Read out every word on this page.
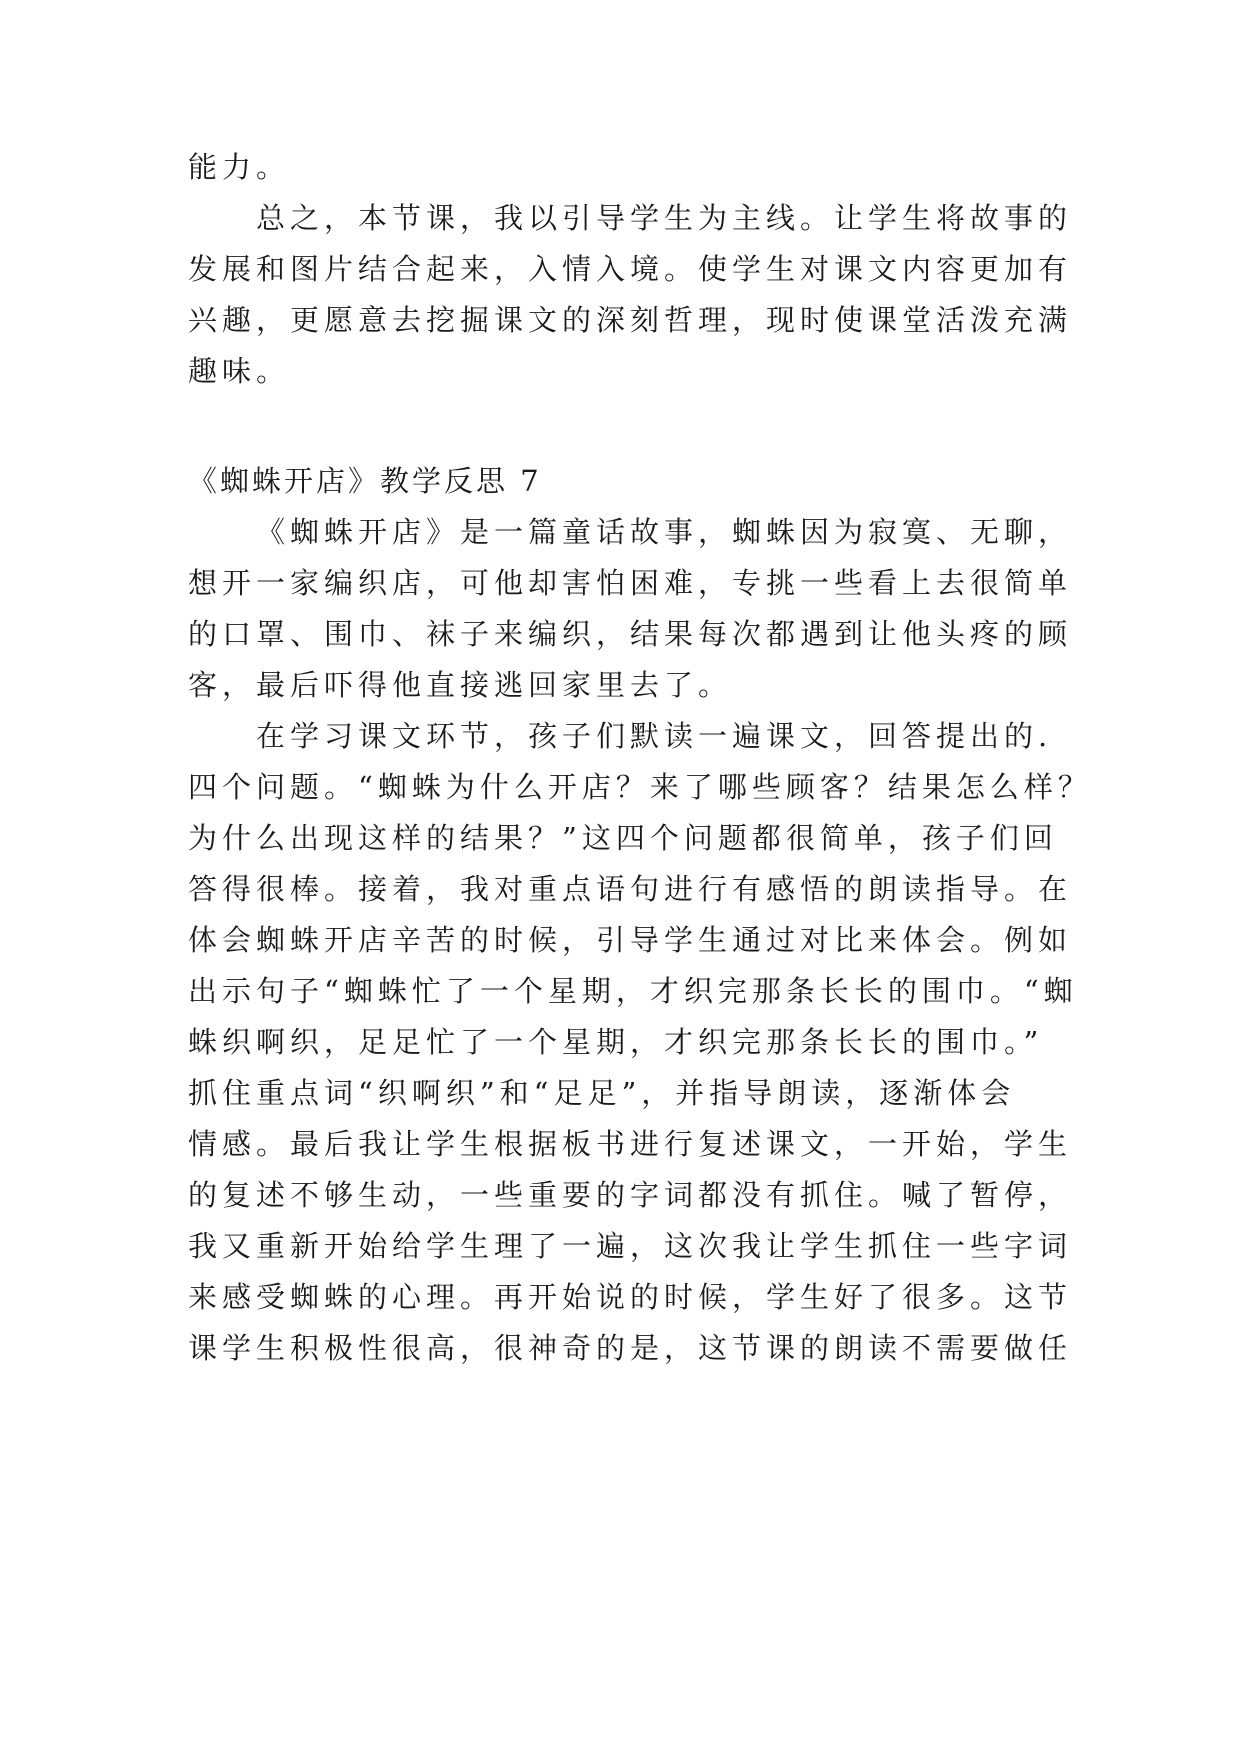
能力。

总之，本节课，我以引导学生为主线。让学生将故事的

发展和图片结合起来，入情入境。使学生对课文内容更加有

兴趣，更愿意去挖掘课文的深刻哲理，现时使课堂活泼充满

趣味。

《蜘蛛开店》教学反思 7

《蜘蛛开店》是一篇童话故事，蜘蛛因为寂寞、无聊，

想开一家编织店，可他却害怕困难，专挑一些看上去很简单

的口罩、围巾、袜子来编织，结果每次都遇到让他头疼的顾

客，最后吓得他直接逃回家里去了。

在学习课文环节，孩子们默读一遍课文，回答提出的.

四个问题。“蜘蛛为什么开店？来了哪些顾客？结果怎么样？

为什么出现这样的结果？”这四个问题都很简单，孩子们回

答得很棒。接着，我对重点语句进行有感悟的朗读指导。在

体会蜘蛛开店辛苦的时候，引导学生通过对比来体会。例如

出示句子“蜘蛛忙了一个星期，才织完那条长长的围巾。“蜘

蛛织啊织，足足忙了一个星期，才织完那条长长的围巾。”

抓住重点词“织啊织”和“足足”，并指导朗读，逐渐体会

情感。最后我让学生根据板书进行复述课文，一开始，学生

的复述不够生动，一些重要的字词都没有抓住。喊了暂停，

我又重新开始给学生理了一遍，这次我让学生抓住一些字词

来感受蜘蛛的心理。再开始说的时候，学生好了很多。这节

课学生积极性很高，很神奇的是，这节课的朗读不需要做任
